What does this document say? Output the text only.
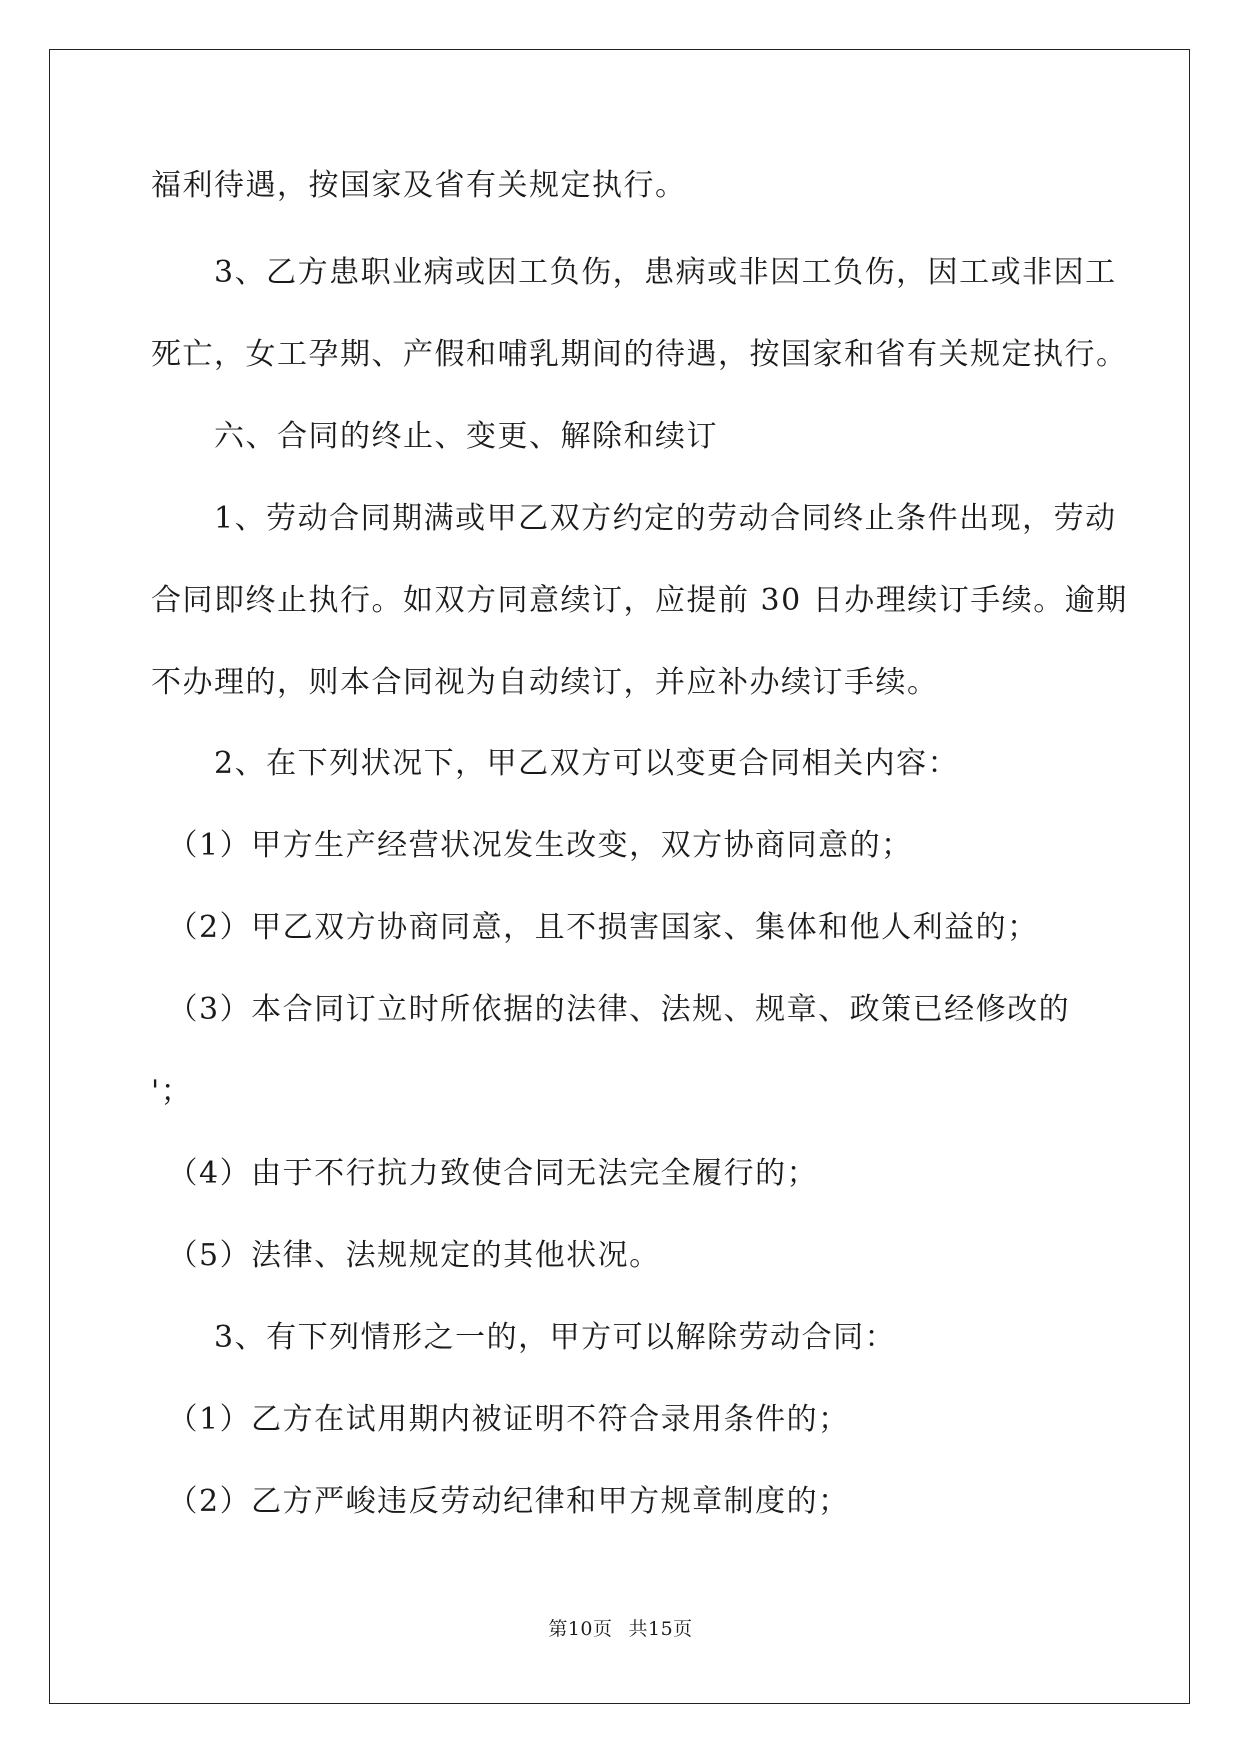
福利待遇，按国家及省有关规定执行。
　　3、乙方患职业病或因工负伤，患病或非因工负伤，因工或非因工
死亡，女工孕期、产假和哺乳期间的待遇，按国家和省有关规定执行。
　　六、合同的终止、变更、解除和续订
　　1、劳动合同期满或甲乙双方约定的劳动合同终止条件出现，劳动
合同即终止执行。如双方同意续订，应提前 30 日办理续订手续。逾期
不办理的，则本合同视为自动续订，并应补办续订手续。
　　2、在下列状况下，甲乙双方可以变更合同相关内容：
　（1）甲方生产经营状况发生改变，双方协商同意的；
　（2）甲乙双方协商同意，且不损害国家、集体和他人利益的；
　（3）本合同订立时所依据的法律、法规、规章、政策已经修改的
'；
　（4）由于不行抗力致使合同无法完全履行的；
　（5）法律、法规规定的其他状况。
　　3、有下列情形之一的，甲方可以解除劳动合同：
　（1）乙方在试用期内被证明不符合录用条件的；
　（2）乙方严峻违反劳动纪律和甲方规章制度的；
第10页 共15页
